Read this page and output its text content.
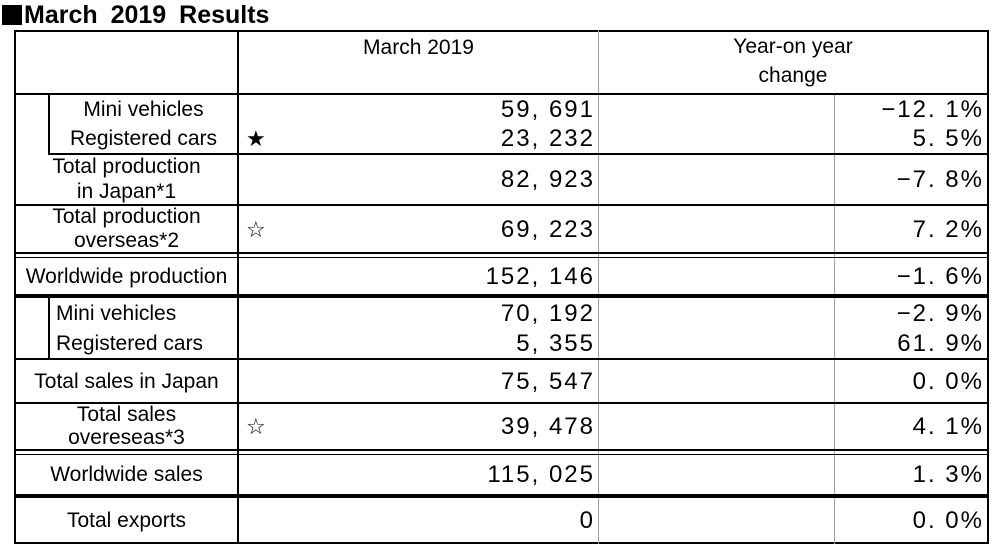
March 2019 Results
March 2019	Year-on year
change
Mini vehicles	59, 691	−12. 1%
Registered cars	★	23, 232	5. 5%
Total production
in Japan*1	82, 923	−7. 8%
Total production
overseas*2	☆	69, 223	7. 2%
Worldwide production	152, 146	−1. 6%
Mini vehicles	70, 192	−2. 9%
Registered cars	5, 355	61. 9%
Total sales in Japan	75, 547	0. 0%
Total sales
overeseas*3	☆	39, 478	4. 1%
Worldwide sales	115, 025	1. 3%
Total exports	0	0. 0%
